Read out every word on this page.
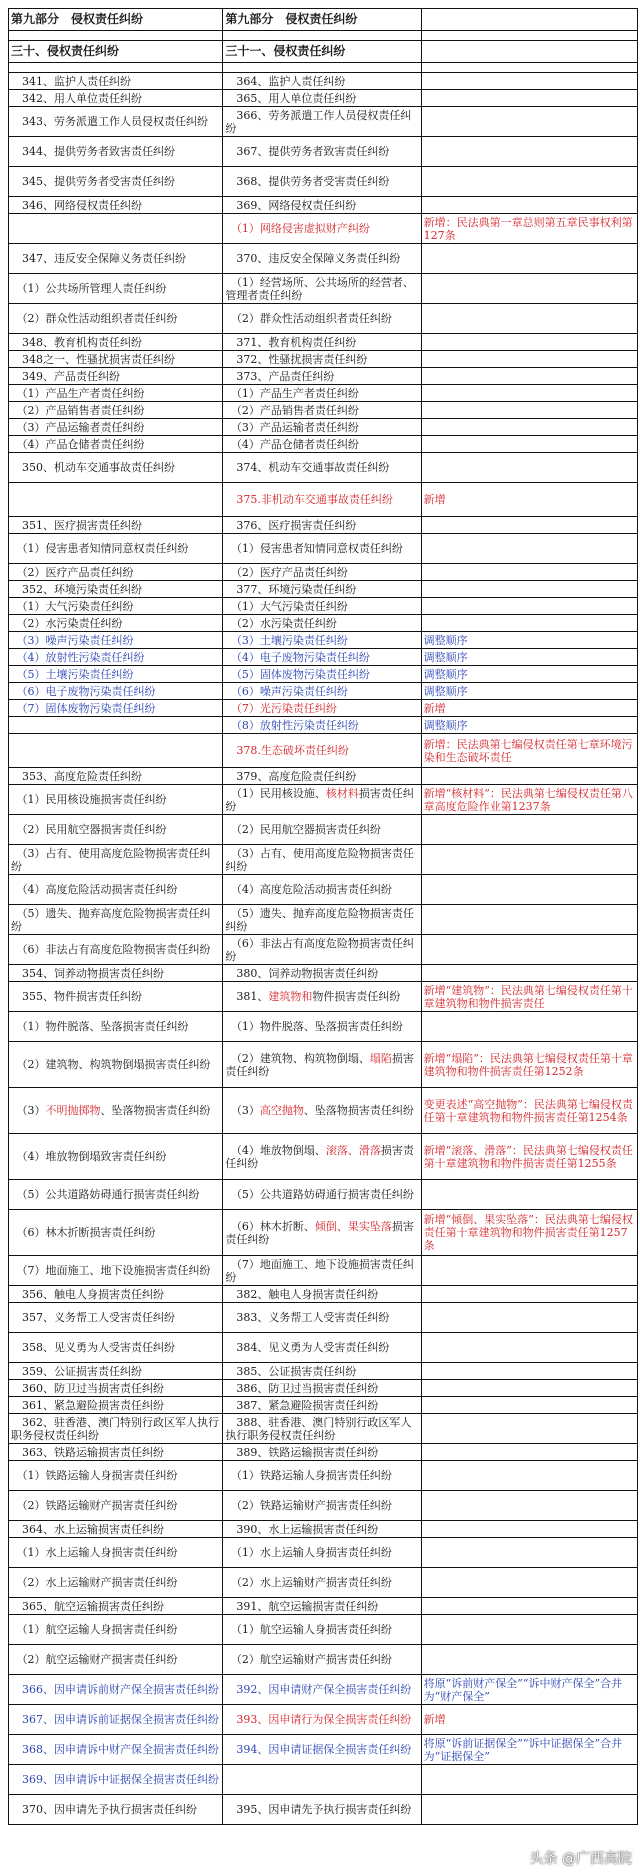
第九部分　侵权责任纠纷	第九部分　侵权责任纠纷	

三十、侵权责任纠纷	三十一、侵权责任纠纷	

　341、监护人责任纠纷	　364、监护人责任纠纷	
　342、用人单位责任纠纷	　365、用人单位责任纠纷	
　343、劳务派遣工作人员侵权责任纠纷	　366、劳务派遣工作人员侵权责任纠纷	
　344、提供劳务者致害责任纠纷	　367、提供劳务者致害责任纠纷	
　345、提供劳务者受害责任纠纷	　368、提供劳务者受害责任纠纷	
　346、网络侵权责任纠纷	　369、网络侵权责任纠纷	
	　（1）网络侵害虚拟财产纠纷	新增：民法典第一章总则第五章民事权利第127条
　347、违反安全保障义务责任纠纷	　370、违反安全保障义务责任纠纷	
　（1）公共场所管理人责任纠纷	　（1）经营场所、公共场所的经营者、管理者责任纠纷	
　（2）群众性活动组织者责任纠纷	　（2）群众性活动组织者责任纠纷	
　348、教育机构责任纠纷	　371、教育机构责任纠纷	
　348之一、性骚扰损害责任纠纷	　372、性骚扰损害责任纠纷	
　349、产品责任纠纷	　373、产品责任纠纷	
　（1）产品生产者责任纠纷	　（1）产品生产者责任纠纷	
　（2）产品销售者责任纠纷	　（2）产品销售者责任纠纷	
　（3）产品运输者责任纠纷	　（3）产品运输者责任纠纷	
　（4）产品仓储者责任纠纷	　（4）产品仓储者责任纠纷	
　350、机动车交通事故责任纠纷	　374、机动车交通事故责任纠纷	
	　375.非机动车交通事故责任纠纷	新增
　351、医疗损害责任纠纷	　376、医疗损害责任纠纷	
　（1）侵害患者知情同意权责任纠纷	　（1）侵害患者知情同意权责任纠纷	
　（2）医疗产品责任纠纷	　（2）医疗产品责任纠纷	
　352、环境污染责任纠纷	　377、环境污染责任纠纷	
　（1）大气污染责任纠纷	　（1）大气污染责任纠纷	
　（2）水污染责任纠纷	　（2）水污染责任纠纷	
　（3）噪声污染责任纠纷	　（3）土壤污染责任纠纷	调整顺序
　（4）放射性污染责任纠纷	　（4）电子废物污染责任纠纷	调整顺序
　（5）土壤污染责任纠纷	　（5）固体废物污染责任纠纷	调整顺序
　（6）电子废物污染责任纠纷	　（6）噪声污染责任纠纷	调整顺序
　（7）固体废物污染责任纠纷	　（7）光污染责任纠纷	新增
	　（8）放射性污染责任纠纷	调整顺序
	　378.生态破坏责任纠纷	新增：民法典第七编侵权责任第七章环境污染和生态破坏责任
　353、高度危险责任纠纷	　379、高度危险责任纠纷	
　（1）民用核设施损害责任纠纷	　（1）民用核设施、核材料损害责任纠纷	新增“核材料”：民法典第七编侵权责任第八章高度危险作业第1237条
　（2）民用航空器损害责任纠纷	　（2）民用航空器损害责任纠纷	
　（3）占有、使用高度危险物损害责任纠纷	　（3）占有、使用高度危险物损害责任纠纷	
　（4）高度危险活动损害责任纠纷	　（4）高度危险活动损害责任纠纷	
　（5）遗失、抛弃高度危险物损害责任纠纷	　（5）遗失、抛弃高度危险物损害责任纠纷	
　（6）非法占有高度危险物损害责任纠纷	　（6）非法占有高度危险物损害责任纠纷	
　354、饲养动物损害责任纠纷	　380、饲养动物损害责任纠纷	
　355、物件损害责任纠纷	　381、建筑物和物件损害责任纠纷	新增“建筑物”：民法典第七编侵权责任第十章建筑物和物件损害责任
　（1）物件脱落、坠落损害责任纠纷	　（1）物件脱落、坠落损害责任纠纷	
　（2）建筑物、构筑物倒塌损害责任纠纷	　（2）建筑物、构筑物倒塌、塌陷损害责任纠纷	新增“塌陷”：民法典第七编侵权责任第十章建筑物和物件损害责任第1252条
　（3）不明抛掷物、坠落物损害责任纠纷	　（3）高空抛物、坠落物损害责任纠纷	变更表述“高空抛物”：民法典第七编侵权责任第十章建筑物和物件损害责任第1254条
　（4）堆放物倒塌致害责任纠纷	　（4）堆放物倒塌、滚落、滑落损害责任纠纷	新增“滚落、滑落”：民法典第七编侵权责任第十章建筑物和物件损害责任第1255条
　（5）公共道路妨碍通行损害责任纠纷	　（5）公共道路妨碍通行损害责任纠纷	
　（6）林木折断损害责任纠纷	　（6）林木折断、倾倒、果实坠落损害责任纠纷	新增“倾倒、果实坠落”：民法典第七编侵权责任第十章建筑物和物件损害责任第1257条
　（7）地面施工、地下设施损害责任纠纷	　（7）地面施工、地下设施损害责任纠纷	
　356、触电人身损害责任纠纷	　382、触电人身损害责任纠纷	
　357、义务帮工人受害责任纠纷	　383、义务帮工人受害责任纠纷	
　358、见义勇为人受害责任纠纷	　384、见义勇为人受害责任纠纷	
　359、公证损害责任纠纷	　385、公证损害责任纠纷	
　360、防卫过当损害责任纠纷	　386、防卫过当损害责任纠纷	
　361、紧急避险损害责任纠纷	　387、紧急避险损害责任纠纷	
　362、驻香港、澳门特别行政区军人执行职务侵权责任纠纷	　388、驻香港、澳门特别行政区军人执行职务侵权责任纠纷	
　363、铁路运输损害责任纠纷	　389、铁路运输损害责任纠纷	
　（1）铁路运输人身损害责任纠纷	　（1）铁路运输人身损害责任纠纷	
　（2）铁路运输财产损害责任纠纷	　（2）铁路运输财产损害责任纠纷	
　364、水上运输损害责任纠纷	　390、水上运输损害责任纠纷	
　（1）水上运输人身损害责任纠纷	　（1）水上运输人身损害责任纠纷	
　（2）水上运输财产损害责任纠纷	　（2）水上运输财产损害责任纠纷	
　365、航空运输损害责任纠纷	　391、航空运输损害责任纠纷	
　（1）航空运输人身损害责任纠纷	　（1）航空运输人身损害责任纠纷	
　（2）航空运输财产损害责任纠纷	　（2）航空运输财产损害责任纠纷	
　366、因申请诉前财产保全损害责任纠纷	　392、因申请财产保全损害责任纠纷	将原“诉前财产保全”“诉中财产保全”合并为“财产保全”
　367、因申请诉前证据保全损害责任纠纷	　393、因申请行为保全损害责任纠纷	新增
　368、因申请诉中财产保全损害责任纠纷	　394、因申请证据保全损害责任纠纷	将原“诉前证据保全”“诉中证据保全”合并为“证据保全”
　369、因申请诉中证据保全损害责任纠纷		
　370、因申请先予执行损害责任纠纷	　395、因申请先予执行损害责任纠纷	
头条 @广西高院
